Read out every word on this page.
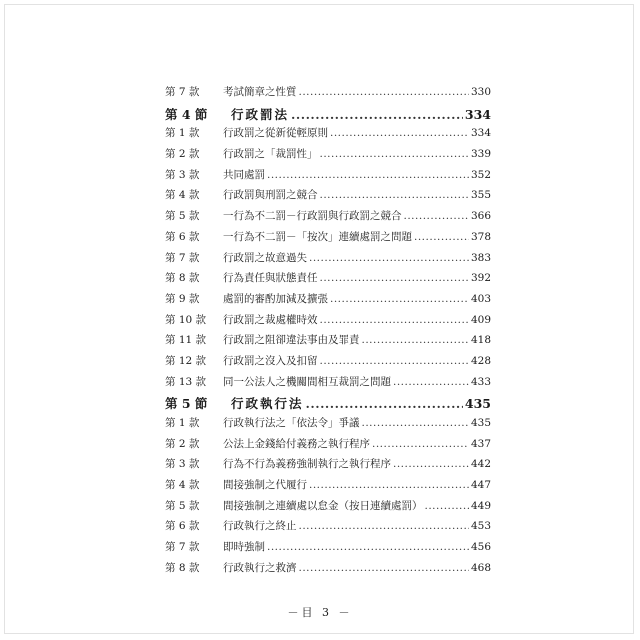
第 7 款	考試簡章之性質 .....	330
第 4 節	行政罰法 .....	334
第 1 款	行政罰之從新從輕原則 .....	334
第 2 款	行政罰之「裁罰性」 .....	339
第 3 款	共同處罰 .....	352
第 4 款	行政罰與刑罰之競合 .....	355
第 5 款	一行為不二罰－行政罰與行政罰之競合 .....	366
第 6 款	一行為不二罰－「按次」連續處罰之問題 .....	378
第 7 款	行政罰之故意過失 .....	383
第 8 款	行為責任與狀態責任 .....	392
第 9 款	處罰的審酌加減及擴張 .....	403
第 10 款	行政罰之裁處權時效 .....	409
第 11 款	行政罰之阻卻違法事由及罪責 .....	418
第 12 款	行政罰之沒入及扣留 .....	428
第 13 款	同一公法人之機關間相互裁罰之問題 .....	433
第 5 節	行政執行法 .....	435
第 1 款	行政執行法之「依法令」爭議 .....	435
第 2 款	公法上金錢給付義務之執行程序 .....	437
第 3 款	行為不行為義務強制執行之執行程序 .....	442
第 4 款	間接強制之代履行 .....	447
第 5 款	間接強制之連續處以怠金（按日連續處罰） .....	449
第 6 款	行政執行之終止 .....	453
第 7 款	即時強制 .....	456
第 8 款	行政執行之救濟 .....	468
－目 3 －
